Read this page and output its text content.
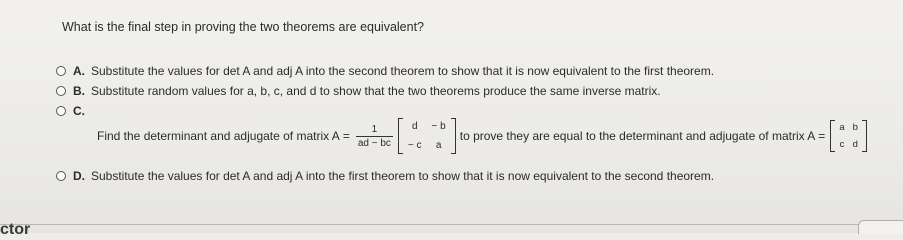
What is the final step in proving the two theorems are equivalent?
A. Substitute the values for det A and adj A into the second theorem to show that it is now equivalent to the first theorem.
B. Substitute random values for a, b, c, and d to show that the two theorems produce the same inverse matrix.
C.
Find the determinant and adjugate of matrix $A = \frac{1}{ad - bc}$	d	− b
− c	a
to prove they are equal to the determinant and adjugate of matrix A =
a b
c d
D. Substitute the values for det A and adj A into the first theorem to show that it is now equivalent to the second theorem.
ctor
